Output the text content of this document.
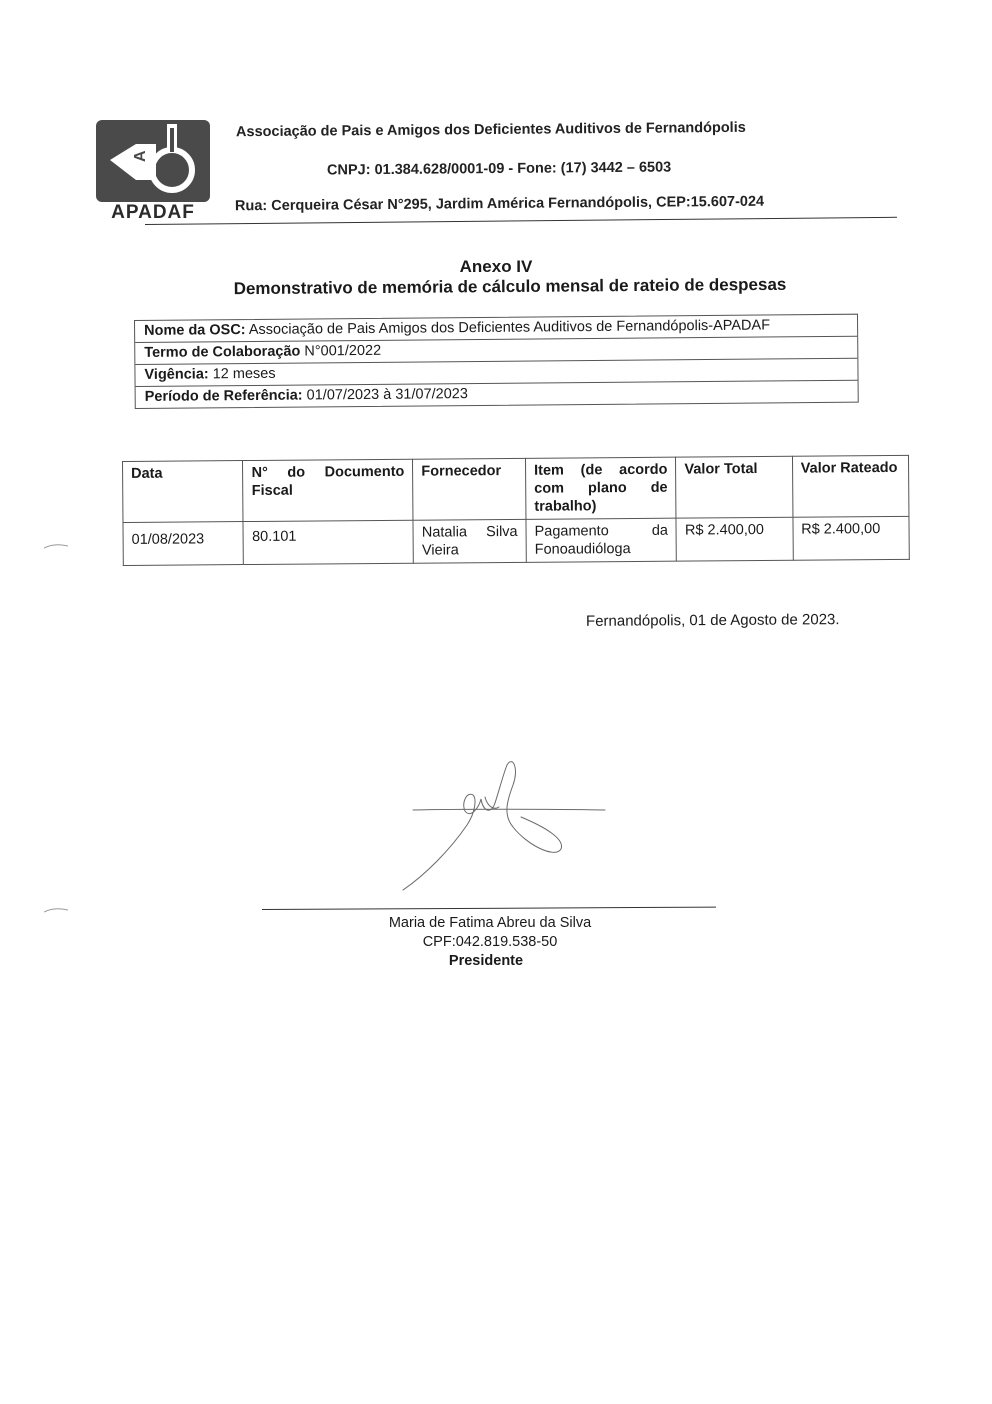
A
APADAF
Associação de Pais e Amigos dos Deficientes Auditivos de Fernandópolis
CNPJ: 01.384.628/0001-09 - Fone: (17) 3442 – 6503
Rua: Cerqueira César N°295, Jardim América Fernandópolis, CEP:15.607-024
Anexo IV
Demonstrativo de memória de cálculo mensal de rateio de despesas
Nome da OSC: Associação de Pais Amigos dos Deficientes Auditivos de Fernandópolis-APADAF
Termo de Colaboração N°001/2022
Vigência: 12 meses
Período de Referência: 01/07/2023 à 31/07/2023
Data	N° do Documento Fiscal	Fornecedor	Item (de acordo com plano de trabalho)	Valor Total	Valor Rateado
01/08/2023	80.101	Natalia Silva Vieira	Pagamento da Fonoaudióloga	R$ 2.400,00	R$ 2.400,00
Fernandópolis, 01 de Agosto de 2023.
Maria de Fatima Abreu da Silva
CPF:042.819.538-50
Presidente
